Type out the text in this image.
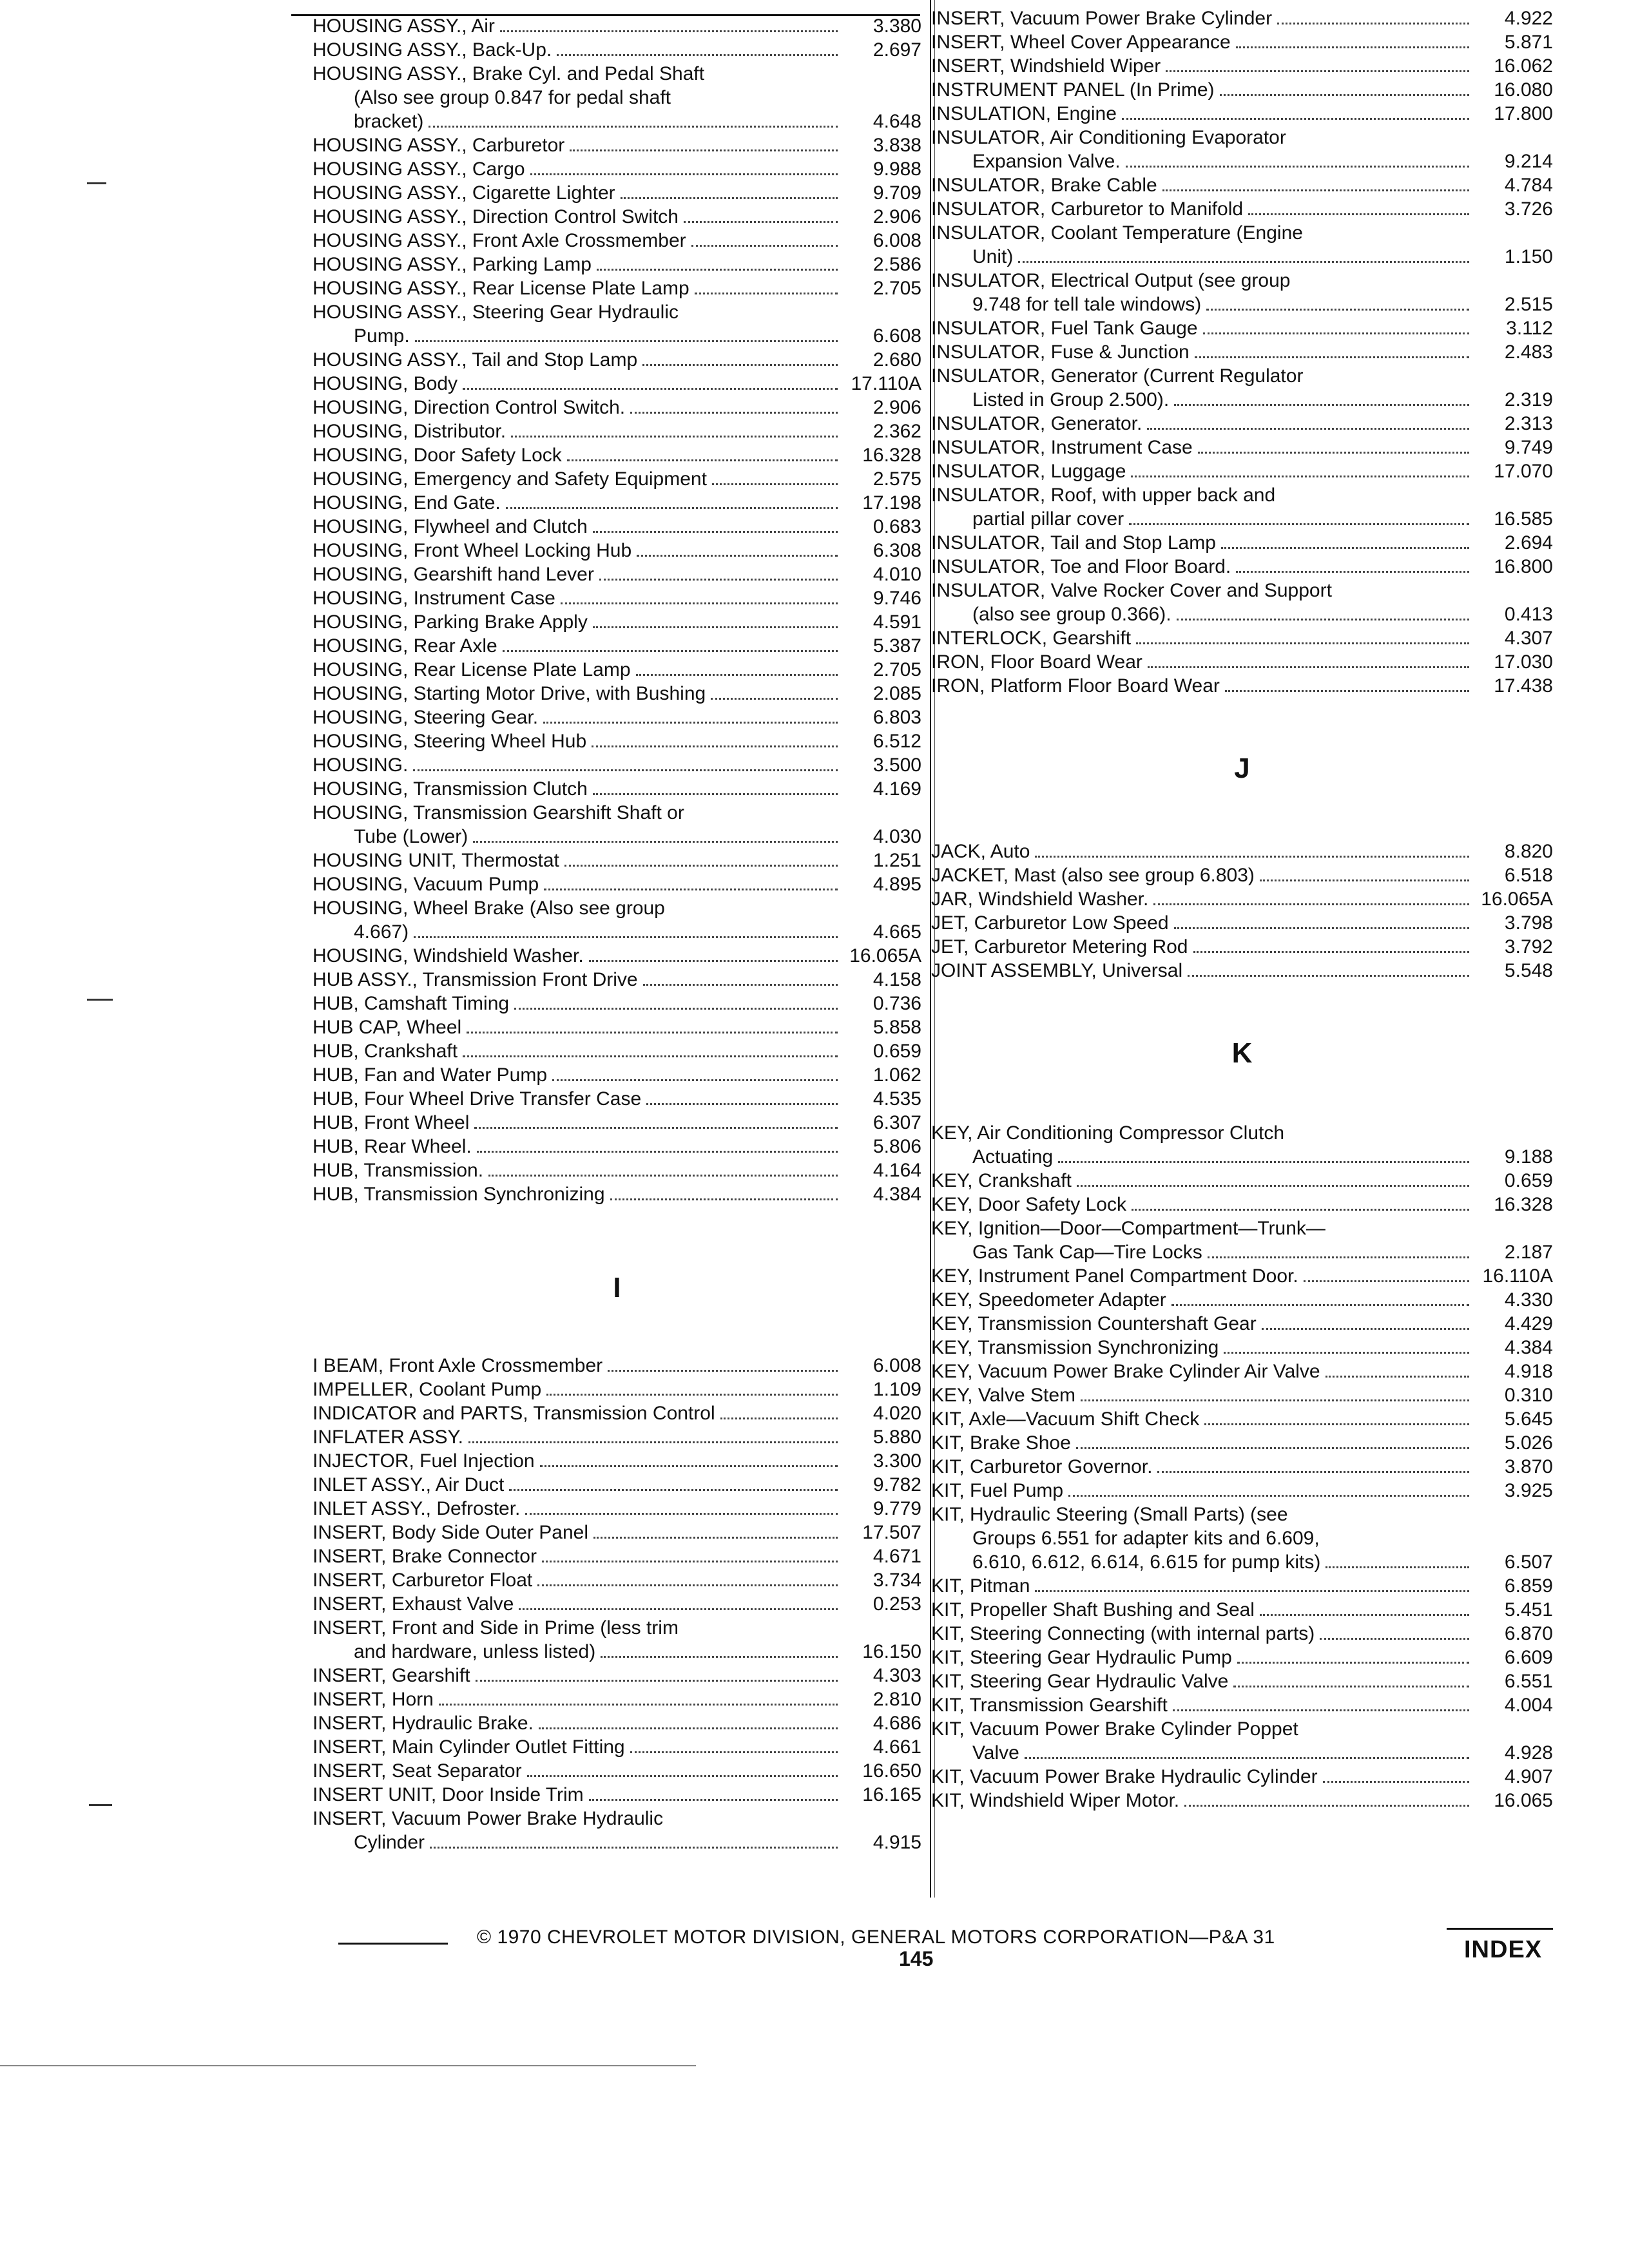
HOUSING ASSY., Air	3.380
HOUSING ASSY., Back-Up.	2.697
HOUSING ASSY., Brake Cyl. and Pedal Shaft
(Also see group 0.847 for pedal shaft
bracket)	4.648
HOUSING ASSY., Carburetor	3.838
HOUSING ASSY., Cargo	9.988
HOUSING ASSY., Cigarette Lighter	9.709
HOUSING ASSY., Direction Control Switch	2.906
HOUSING ASSY., Front Axle Crossmember	6.008
HOUSING ASSY., Parking Lamp	2.586
HOUSING ASSY., Rear License Plate Lamp	2.705
HOUSING ASSY., Steering Gear Hydraulic
Pump.	6.608
HOUSING ASSY., Tail and Stop Lamp	2.680
HOUSING, Body	17.110A
HOUSING, Direction Control Switch.	2.906
HOUSING, Distributor.	2.362
HOUSING, Door Safety Lock	16.328
HOUSING, Emergency and Safety Equipment	2.575
HOUSING, End Gate.	17.198
HOUSING, Flywheel and Clutch	0.683
HOUSING, Front Wheel Locking Hub	6.308
HOUSING, Gearshift hand Lever	4.010
HOUSING, Instrument Case	9.746
HOUSING, Parking Brake Apply	4.591
HOUSING, Rear Axle	5.387
HOUSING, Rear License Plate Lamp	2.705
HOUSING, Starting Motor Drive, with Bushing	2.085
HOUSING, Steering Gear.	6.803
HOUSING, Steering Wheel Hub	6.512
HOUSING.	3.500
HOUSING, Transmission Clutch	4.169
HOUSING, Transmission Gearshift Shaft or
Tube (Lower)	4.030
HOUSING UNIT, Thermostat	1.251
HOUSING, Vacuum Pump	4.895
HOUSING, Wheel Brake (Also see group
4.667)	4.665
HOUSING, Windshield Washer.	16.065A
HUB ASSY., Transmission Front Drive	4.158
HUB, Camshaft Timing	0.736
HUB CAP, Wheel	5.858
HUB, Crankshaft	0.659
HUB, Fan and Water Pump	1.062
HUB, Four Wheel Drive Transfer Case	4.535
HUB, Front Wheel	6.307
HUB, Rear Wheel.	5.806
HUB, Transmission.	4.164
HUB, Transmission Synchronizing	4.384
I
I BEAM, Front Axle Crossmember	6.008
IMPELLER, Coolant Pump	1.109
INDICATOR and PARTS, Transmission Control	4.020
INFLATER ASSY.	5.880
INJECTOR, Fuel Injection	3.300
INLET ASSY., Air Duct	9.782
INLET ASSY., Defroster.	9.779
INSERT, Body Side Outer Panel	17.507
INSERT, Brake Connector	4.671
INSERT, Carburetor Float	3.734
INSERT, Exhaust Valve	0.253
INSERT, Front and Side in Prime (less trim
and hardware, unless listed)	16.150
INSERT, Gearshift	4.303
INSERT, Horn	2.810
INSERT, Hydraulic Brake.	4.686
INSERT, Main Cylinder Outlet Fitting	4.661
INSERT, Seat Separator	16.650
INSERT UNIT, Door Inside Trim	16.165
INSERT, Vacuum Power Brake Hydraulic
Cylinder	4.915
INSERT, Vacuum Power Brake Cylinder	4.922
INSERT, Wheel Cover Appearance	5.871
INSERT, Windshield Wiper	16.062
INSTRUMENT PANEL (In Prime)	16.080
INSULATION, Engine	17.800
INSULATOR, Air Conditioning Evaporator
Expansion Valve.	9.214
INSULATOR, Brake Cable	4.784
INSULATOR, Carburetor to Manifold	3.726
INSULATOR, Coolant Temperature (Engine
Unit)	1.150
INSULATOR, Electrical Output (see group
9.748 for tell tale windows)	2.515
INSULATOR, Fuel Tank Gauge	3.112
INSULATOR, Fuse & Junction	2.483
INSULATOR, Generator (Current Regulator
Listed in Group 2.500).	2.319
INSULATOR, Generator.	2.313
INSULATOR, Instrument Case	9.749
INSULATOR, Luggage	17.070
INSULATOR, Roof, with upper back and
partial pillar cover	16.585
INSULATOR, Tail and Stop Lamp	2.694
INSULATOR, Toe and Floor Board.	16.800
INSULATOR, Valve Rocker Cover and Support
(also see group 0.366).	0.413
INTERLOCK, Gearshift	4.307
IRON, Floor Board Wear	17.030
IRON, Platform Floor Board Wear	17.438
J
JACK, Auto	8.820
JACKET, Mast (also see group 6.803)	6.518
JAR, Windshield Washer.	16.065A
JET, Carburetor Low Speed	3.798
JET, Carburetor Metering Rod	3.792
JOINT ASSEMBLY, Universal	5.548
K
KEY, Air Conditioning Compressor Clutch
Actuating	9.188
KEY, Crankshaft	0.659
KEY, Door Safety Lock	16.328
KEY, Ignition—Door—Compartment—Trunk—
Gas Tank Cap—Tire Locks	2.187
KEY, Instrument Panel Compartment Door.	16.110A
KEY, Speedometer Adapter	4.330
KEY, Transmission Countershaft Gear	4.429
KEY, Transmission Synchronizing	4.384
KEY, Vacuum Power Brake Cylinder Air Valve	4.918
KEY, Valve Stem	0.310
KIT, Axle—Vacuum Shift Check	5.645
KIT, Brake Shoe	5.026
KIT, Carburetor Governor.	3.870
KIT, Fuel Pump	3.925
KIT, Hydraulic Steering (Small Parts) (see
Groups 6.551 for adapter kits and 6.609,
6.610, 6.612, 6.614, 6.615 for pump kits)	6.507
KIT, Pitman	6.859
KIT, Propeller Shaft Bushing and Seal	5.451
KIT, Steering Connecting (with internal parts)	6.870
KIT, Steering Gear Hydraulic Pump	6.609
KIT, Steering Gear Hydraulic Valve	6.551
KIT, Transmission Gearshift	4.004
KIT, Vacuum Power Brake Cylinder Poppet
Valve	4.928
KIT, Vacuum Power Brake Hydraulic Cylinder	4.907
KIT, Windshield Wiper Motor.	16.065
© 1970 CHEVROLET MOTOR DIVISION, GENERAL MOTORS CORPORATION—P&A 31
145	INDEX
